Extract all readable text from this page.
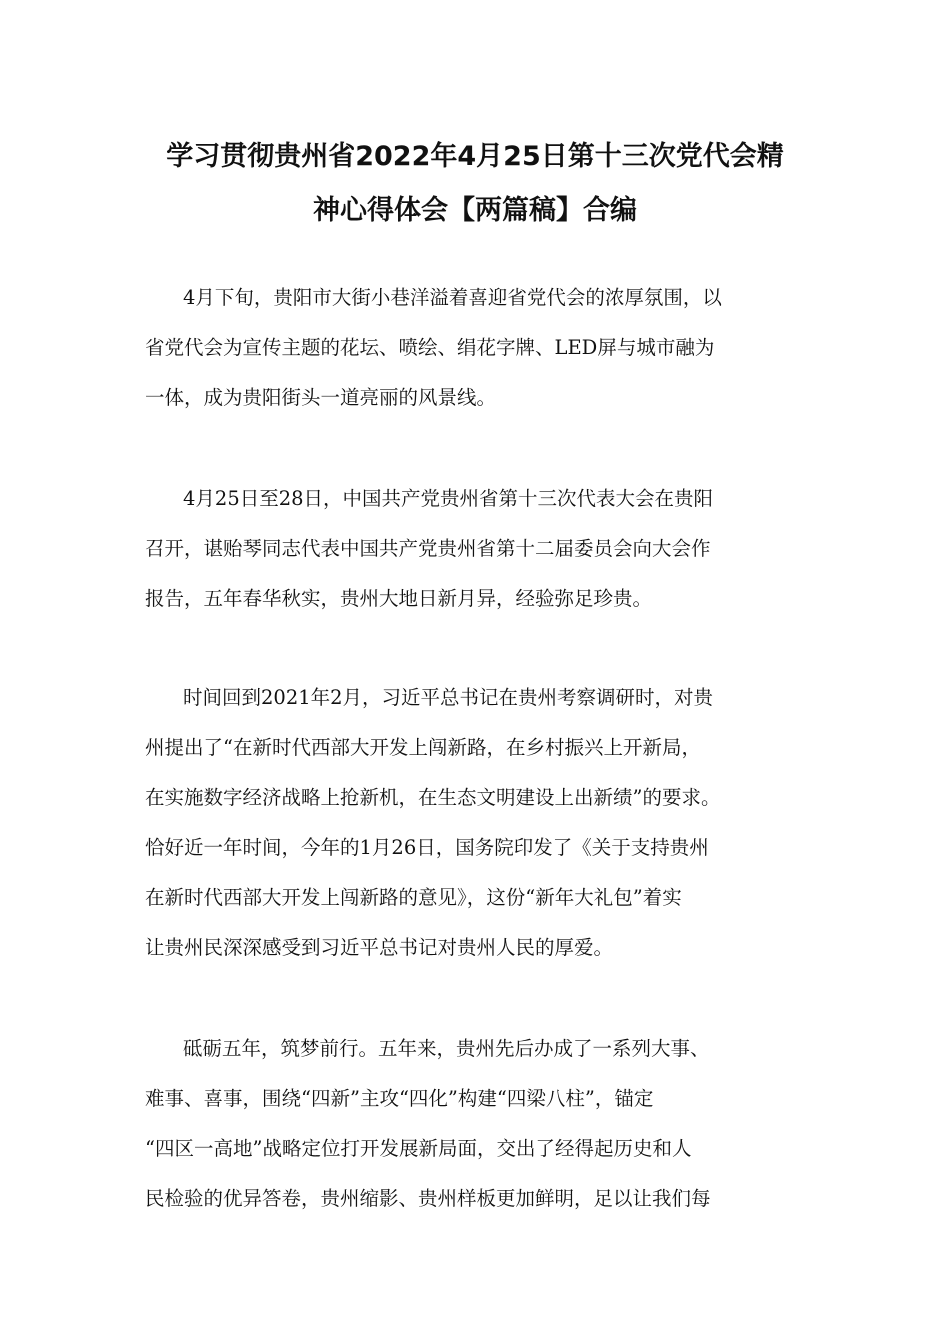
学习贯彻贵州省2022年4月25日第十三次党代会精
神心得体会【两篇稿】合编

4月下旬，贵阳市大街小巷洋溢着喜迎省党代会的浓厚氛围，以
省党代会为宣传主题的花坛、喷绘、绢花字牌、LED屏与城市融为
一体，成为贵阳街头一道亮丽的风景线。

4月25日至28日，中国共产党贵州省第十三次代表大会在贵阳
召开，谌贻琴同志代表中国共产党贵州省第十二届委员会向大会作
报告，五年春华秋实，贵州大地日新月异，经验弥足珍贵。

时间回到2021年2月，习近平总书记在贵州考察调研时，对贵
州提出了“在新时代西部大开发上闯新路，在乡村振兴上开新局，
在实施数字经济战略上抢新机，在生态文明建设上出新绩”的要求。
恰好近一年时间，今年的1月26日，国务院印发了《关于支持贵州
在新时代西部大开发上闯新路的意见》，这份“新年大礼包”着实
让贵州民深深感受到习近平总书记对贵州人民的厚爱。

砥砺五年，筑梦前行。五年来，贵州先后办成了一系列大事、
难事、喜事，围绕“四新”主攻“四化”构建“四梁八柱”，锚定
“四区一高地”战略定位打开发展新局面，交出了经得起历史和人
民检验的优异答卷，贵州缩影、贵州样板更加鲜明，足以让我们每
